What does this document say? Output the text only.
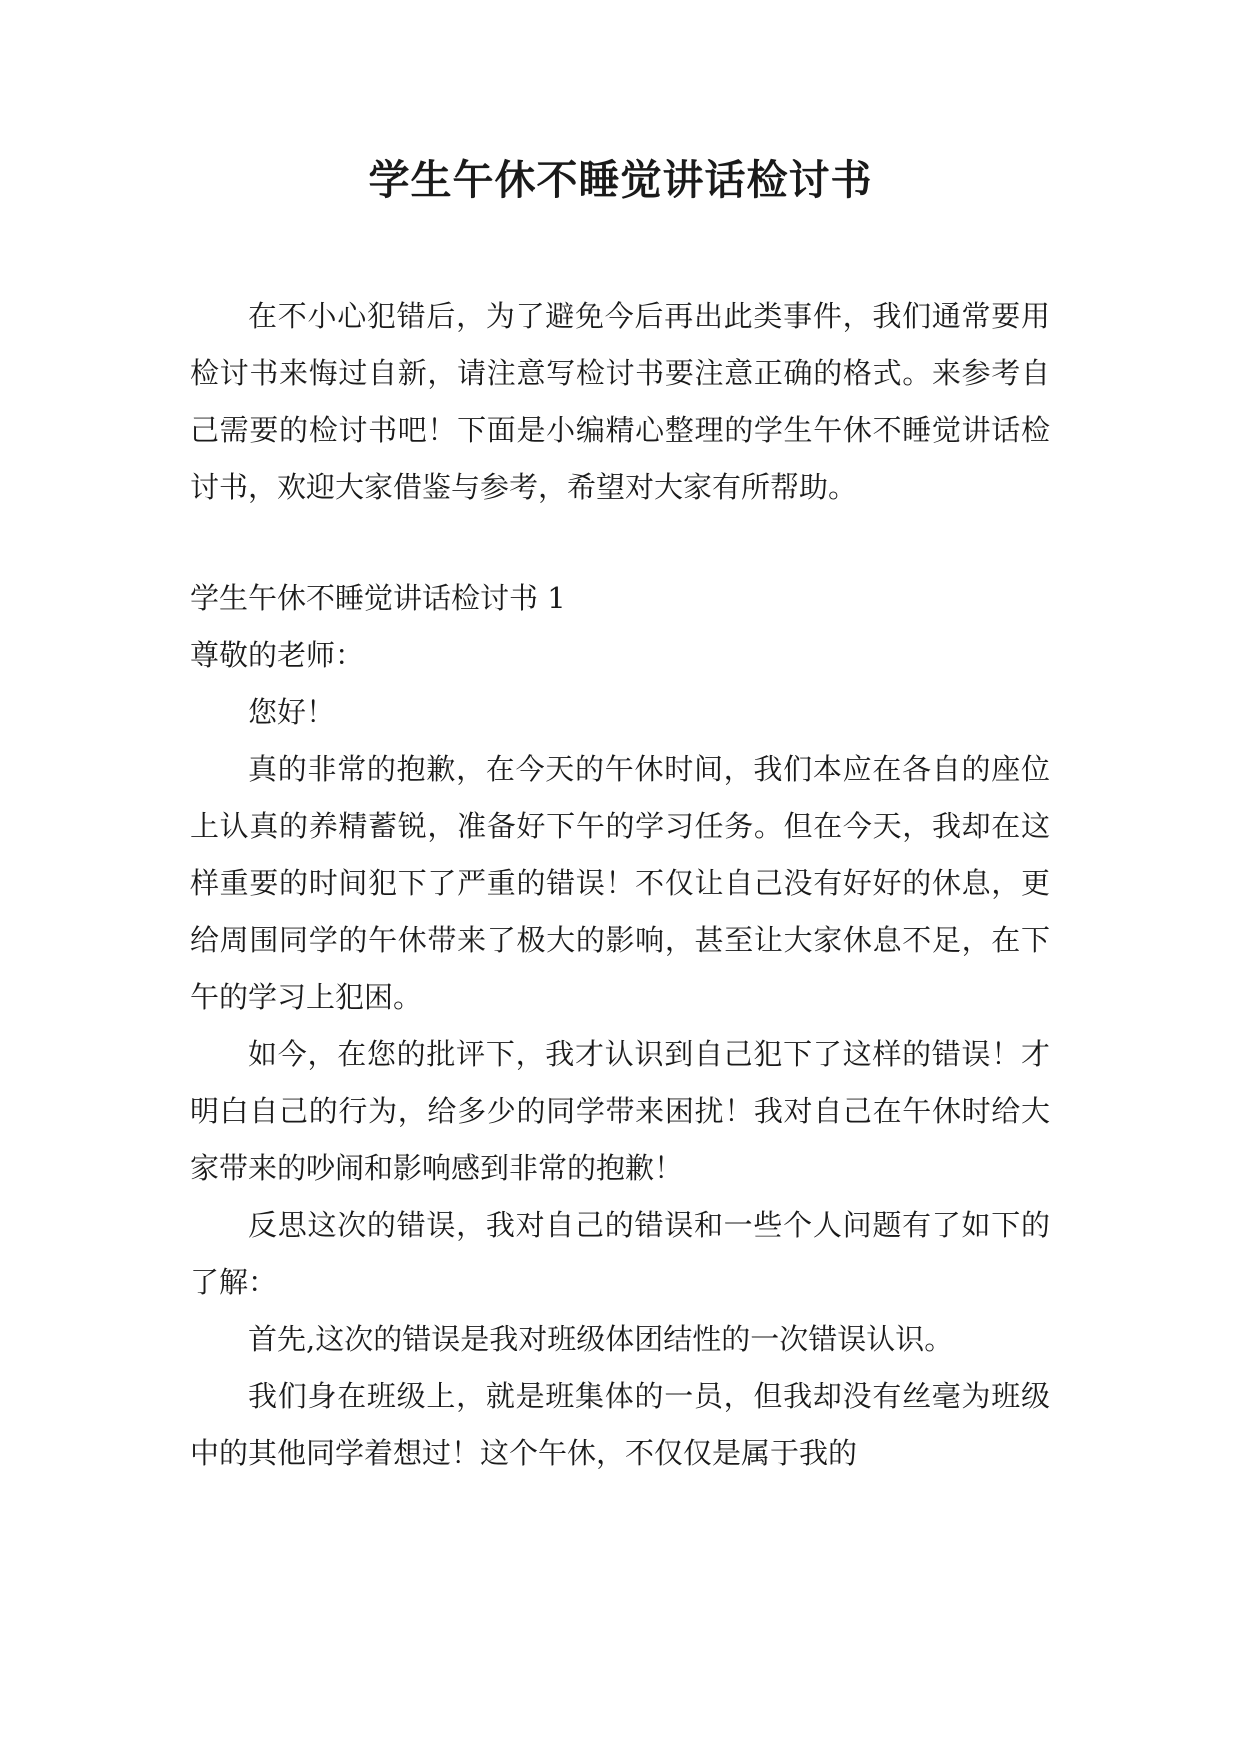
学生午休不睡觉讲话检讨书

在不小心犯错后，为了避免今后再出此类事件，我们通常要用检讨书来悔过自新，请注意写检讨书要注意正确的格式。来参考自己需要的检讨书吧！下面是小编精心整理的学生午休不睡觉讲话检讨书，欢迎大家借鉴与参考，希望对大家有所帮助。

学生午休不睡觉讲话检讨书 1

尊敬的老师：

您好！

真的非常的抱歉，在今天的午休时间，我们本应在各自的座位上认真的养精蓄锐，准备好下午的学习任务。但在今天，我却在这样重要的时间犯下了严重的错误！不仅让自己没有好好的休息，更给周围同学的午休带来了极大的影响，甚至让大家休息不足，在下午的学习上犯困。

如今，在您的批评下，我才认识到自己犯下了这样的错误！才明白自己的行为，给多少的同学带来困扰！我对自己在午休时给大家带来的吵闹和影响感到非常的抱歉！

反思这次的错误，我对自己的错误和一些个人问题有了如下的了解：

首先,这次的错误是我对班级体团结性的一次错误认识。

我们身在班级上，就是班集体的一员，但我却没有丝毫为班级中的其他同学着想过！这个午休，不仅仅是属于我的
